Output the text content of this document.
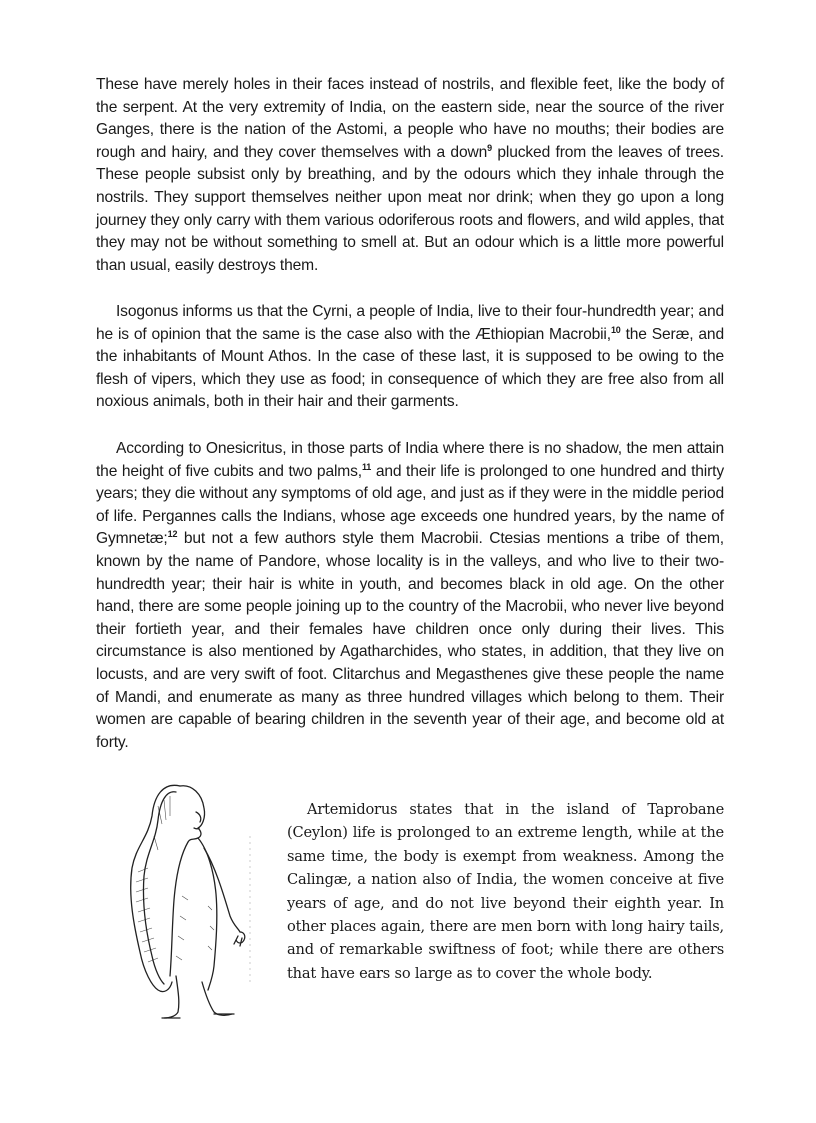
These have merely holes in their faces instead of nostrils, and flexible feet, like the body of the serpent. At the very extremity of India, on the eastern side, near the source of the river Ganges, there is the nation of the Astomi, a people who have no mouths; their bodies are rough and hairy, and they cover themselves with a down$^9$ plucked from the leaves of trees. These people subsist only by breathing, and by the odours which they inhale through the nostrils. They support themselves neither upon meat nor drink; when they go upon a long journey they only carry with them various odoriferous roots and flowers, and wild apples, that they may not be without something to smell at. But an odour which is a little more powerful than usual, easily destroys them.

Isogonus informs us that the Cyrni, a people of India, live to their four-hundredth year; and he is of opinion that the same is the case also with the Æthiopian Macrobii,$^{10}$ the Seræ, and the inhabitants of Mount Athos. In the case of these last, it is supposed to be owing to the flesh of vipers, which they use as food; in consequence of which they are free also from all noxious animals, both in their hair and their garments.

According to Onesicritus, in those parts of India where there is no shadow, the men attain the height of five cubits and two palms,$^{11}$ and their life is prolonged to one hundred and thirty years; they die without any symptoms of old age, and just as if they were in the middle period of life. Pergannes calls the Indians, whose age exceeds one hundred years, by the name of Gymnetæ;$^{12}$ but not a few authors style them Macrobii. Ctesias mentions a tribe of them, known by the name of Pandore, whose locality is in the valleys, and who live to their two- hundredth year; their hair is white in youth, and becomes black in old age. On the other hand, there are some people joining up to the country of the Macrobii, who never live beyond their fortieth year, and their females have children once only during their lives. This circumstance is also mentioned by Agatharchides, who states, in addition, that they live on locusts, and are very swift of foot. Clitarchus and Megasthenes give these people the name of Mandi, and enumerate as many as three hundred villages which belong to them. Their women are capable of bearing children in the seventh year of their age, and become old at forty.

Artemidorus states that in the island of Taprobane (Ceylon) life is prolonged to an extreme length, while at the same time, the body is exempt from weakness. Among the Calingæ, a nation also of India, the women conceive at five years of age, and do not live beyond their eighth year. In other places again, there are men born with long hairy tails, and of remarkable swiftness of foot; while there are others that have ears so large as to cover the whole body.
